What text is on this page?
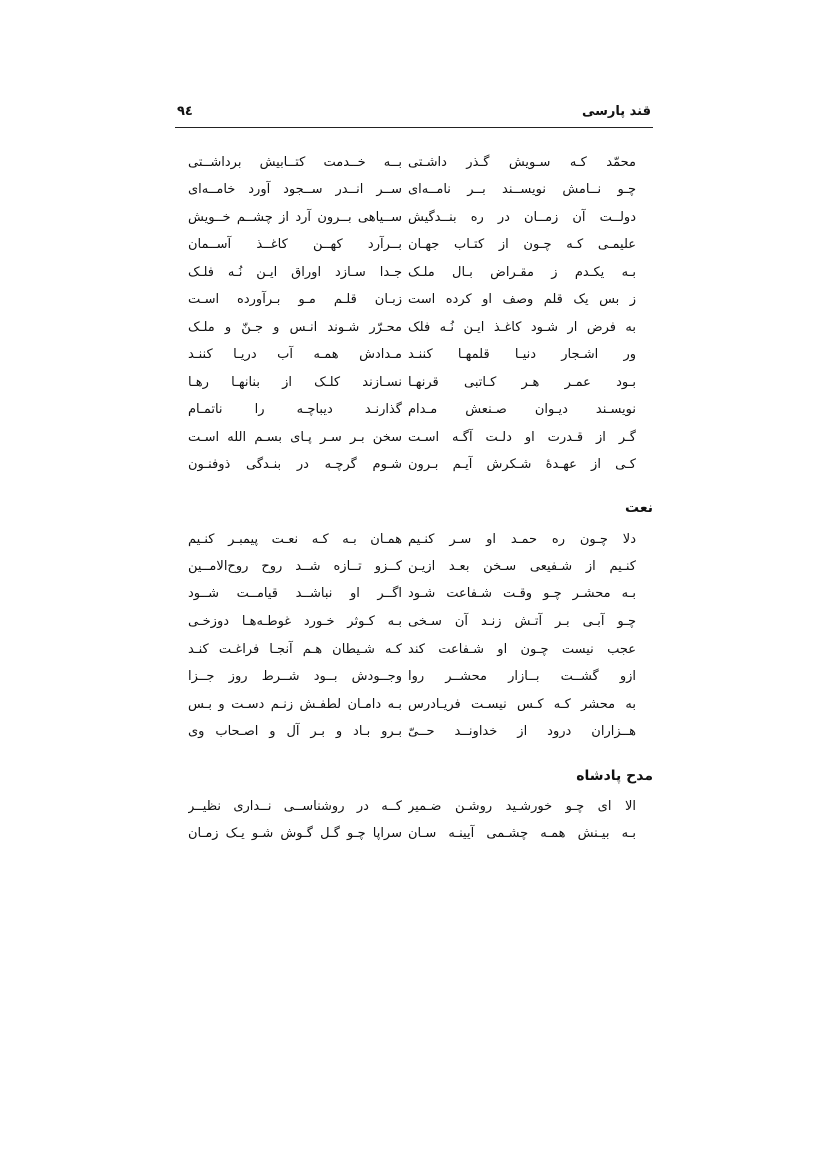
قند پارسی
۹٤
محمّد کـه سـویش گـذر داشـتی
بــه خــدمت کتــابیش برداشــتی
چـو نــامش نویســند بــر نامــه‌ای
ســر انــدر ســجود آورد خامــه‌ای
دولــت آن زمــان در ره بنــدگیش
ســیاهی بــرون آرد از چشــم خــویش
علیمـی کـه چـون از کتـاب جهـان
بــرآرد کهــن کاغــذ آســمان
بـه یکـدم ز مقـراض بـال ملـک
جـدا سـازد اوراق ایـن نُـه فلـک
ز بس یک قلم وصف او کرده است
زبـان قلـم مـو بـرآورده اسـت
به فرض ار شـود کاغـذ ایـن نُـه فلک
محـرّر شـوند انـس و جـنّ و ملـک
ور اشـجار دنیـا قلمهـا کننـد
مـدادش همـه آب دریـا کننـد
بـود عمـر هـر کـاتبی قرنهـا
نسـازند کلـک از بنانهـا رهـا
نویسـند دیـوان صـنعش مـدام
گذارنـد دیباچـه را ناتمـام
گـر از قـدرت او دلـت آگـه اسـت
سخن بـر سـر پـای بسـم الله اسـت
کـی از عهـدۀ شـکرش آیـم بـرون
شـوم گرچـه در بنـدگی ذوفنـون
نعت
دلا چـون ره حمـد او سـر کنـیم
همـان بـه کـه نعـت پیمبـر کنـیم
کنـیم از شـفیعی سـخن بعـد ازیـن
کــزو تــازه شــد روح روح‌الامــین
بـه محشـر چـو وقـت شـفاعت شـود
اگــر او نباشــد قیامــت شــود
چـو آبـی بـر آتـش زنـد آن سـخی
بـه کـوثر خـورد غوطـه‌هـا دوزخـی
عجب نیست چـون او شـفاعت کند
کـه شـیطان هـم آنجـا فراغـت کنـد
ازو گشــت بــازار محشــر روا
وجــودش بــود شــرط روز جــزا
به محشر کـه کـس نیسـت فریـادرس
بـه دامـان لطفـش زنـم دسـت و بـس
هــزاران درود از خداونــد حــیّ
بـرو بـاد و بـر آل و اصـحاب وی
مدح پادشاه
الا ای چـو خورشـید روشـن ضـمیر
کــه در روشناســی نــداری نظیــر
بـه بیـنش همـه چشـمی آیینـه سـان
سراپا چـو گـل گـوش شـو یـک زمـان
